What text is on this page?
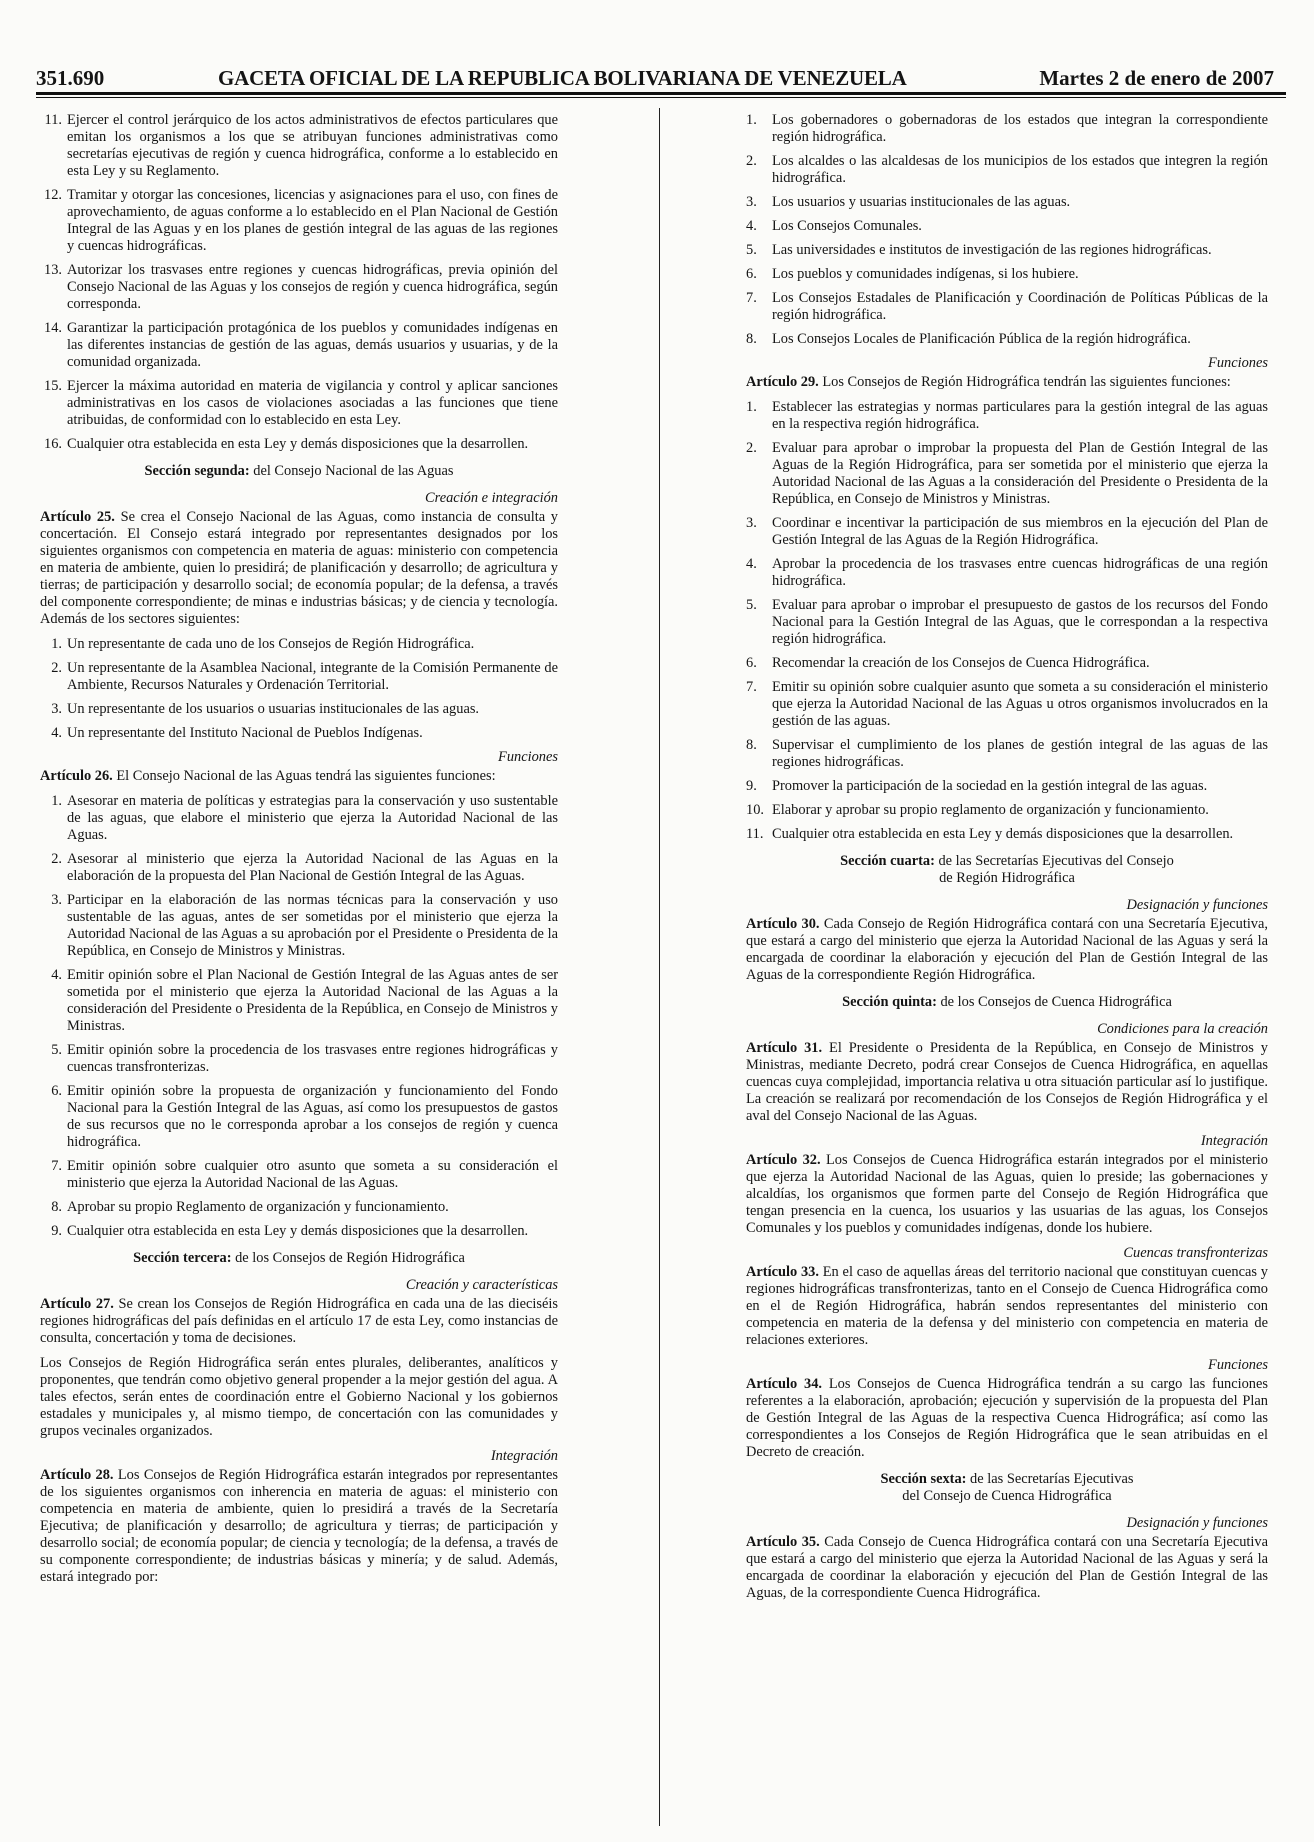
351.690	GACETA OFICIAL DE LA REPUBLICA BOLIVARIANA DE VENEZUELA	Martes 2 de enero de 2007
11. Ejercer el control jerárquico de los actos administrativos de efectos particulares que emitan los organismos a los que se atribuyan funciones administrativas como secretarías ejecutivas de región y cuenca hidrográfica, conforme a lo establecido en esta Ley y su Reglamento.
12. Tramitar y otorgar las concesiones, licencias y asignaciones para el uso, con fines de aprovechamiento, de aguas conforme a lo establecido en el Plan Nacional de Gestión Integral de las Aguas y en los planes de gestión integral de las aguas de las regiones y cuencas hidrográficas.
13. Autorizar los trasvases entre regiones y cuencas hidrográficas, previa opinión del Consejo Nacional de las Aguas y los consejos de región y cuenca hidrográfica, según corresponda.
14. Garantizar la participación protagónica de los pueblos y comunidades indígenas en las diferentes instancias de gestión de las aguas, demás usuarios y usuarias, y de la comunidad organizada.
15. Ejercer la máxima autoridad en materia de vigilancia y control y aplicar sanciones administrativas en los casos de violaciones asociadas a las funciones que tiene atribuidas, de conformidad con lo establecido en esta Ley.
16. Cualquier otra establecida en esta Ley y demás disposiciones que la desarrollen.
Sección segunda: del Consejo Nacional de las Aguas
Creación e integración
Artículo 25. Se crea el Consejo Nacional de las Aguas, como instancia de consulta y concertación. El Consejo estará integrado por representantes designados por los siguientes organismos con competencia en materia de aguas: ministerio con competencia en materia de ambiente, quien lo presidirá; de planificación y desarrollo; de agricultura y tierras; de participación y desarrollo social; de economía popular; de la defensa, a través del componente correspondiente; de minas e industrias básicas; y de ciencia y tecnología. Además de los sectores siguientes:
1. Un representante de cada uno de los Consejos de Región Hidrográfica.
2. Un representante de la Asamblea Nacional, integrante de la Comisión Permanente de Ambiente, Recursos Naturales y Ordenación Territorial.
3. Un representante de los usuarios o usuarias institucionales de las aguas.
4. Un representante del Instituto Nacional de Pueblos Indígenas.
Funciones
Artículo 26. El Consejo Nacional de las Aguas tendrá las siguientes funciones:
1. Asesorar en materia de políticas y estrategias para la conservación y uso sustentable de las aguas, que elabore el ministerio que ejerza la Autoridad Nacional de las Aguas.
2. Asesorar al ministerio que ejerza la Autoridad Nacional de las Aguas en la elaboración de la propuesta del Plan Nacional de Gestión Integral de las Aguas.
3. Participar en la elaboración de las normas técnicas para la conservación y uso sustentable de las aguas, antes de ser sometidas por el ministerio que ejerza la Autoridad Nacional de las Aguas a su aprobación por el Presidente o Presidenta de la República, en Consejo de Ministros y Ministras.
4. Emitir opinión sobre el Plan Nacional de Gestión Integral de las Aguas antes de ser sometida por el ministerio que ejerza la Autoridad Nacional de las Aguas a la consideración del Presidente o Presidenta de la República, en Consejo de Ministros y Ministras.
5. Emitir opinión sobre la procedencia de los trasvases entre regiones hidrográficas y cuencas transfronterizas.
6. Emitir opinión sobre la propuesta de organización y funcionamiento del Fondo Nacional para la Gestión Integral de las Aguas, así como los presupuestos de gastos de sus recursos que no le corresponda aprobar a los consejos de región y cuenca hidrográfica.
7. Emitir opinión sobre cualquier otro asunto que someta a su consideración el ministerio que ejerza la Autoridad Nacional de las Aguas.
8. Aprobar su propio Reglamento de organización y funcionamiento.
9. Cualquier otra establecida en esta Ley y demás disposiciones que la desarrollen.
Sección tercera: de los Consejos de Región Hidrográfica
Creación y características
Artículo 27. Se crean los Consejos de Región Hidrográfica en cada una de las dieciséis regiones hidrográficas del país definidas en el artículo 17 de esta Ley, como instancias de consulta, concertación y toma de decisiones.
Los Consejos de Región Hidrográfica serán entes plurales, deliberantes, analíticos y proponentes, que tendrán como objetivo general propender a la mejor gestión del agua. A tales efectos, serán entes de coordinación entre el Gobierno Nacional y los gobiernos estadales y municipales y, al mismo tiempo, de concertación con las comunidades y grupos vecinales organizados.
Integración
Artículo 28. Los Consejos de Región Hidrográfica estarán integrados por representantes de los siguientes organismos con inherencia en materia de aguas: el ministerio con competencia en materia de ambiente, quien lo presidirá a través de la Secretaría Ejecutiva; de planificación y desarrollo; de agricultura y tierras; de participación y desarrollo social; de economía popular; de ciencia y tecnología; de la defensa, a través de su componente correspondiente; de industrias básicas y minería; y de salud. Además, estará integrado por:
1.	Los gobernadores o gobernadoras de los estados que integran la correspondiente región hidrográfica.
2.	Los alcaldes o las alcaldesas de los municipios de los estados que integren la región hidrográfica.
3.	Los usuarios y usuarias institucionales de las aguas.
4.	Los Consejos Comunales.
5.	Las universidades e institutos de investigación de las regiones hidrográficas.
6.	Los pueblos y comunidades indígenas, si los hubiere.
7.	Los Consejos Estadales de Planificación y Coordinación de Políticas Públicas de la región hidrográfica.
8.	Los Consejos Locales de Planificación Pública de la región hidrográfica.
Funciones
Artículo 29. Los Consejos de Región Hidrográfica tendrán las siguientes funciones:
1.	Establecer las estrategias y normas particulares para la gestión integral de las aguas en la respectiva región hidrográfica.
2.	Evaluar para aprobar o improbar la propuesta del Plan de Gestión Integral de las Aguas de la Región Hidrográfica, para ser sometida por el ministerio que ejerza la Autoridad Nacional de las Aguas a la consideración del Presidente o Presidenta de la República, en Consejo de Ministros y Ministras.
3.	Coordinar e incentivar la participación de sus miembros en la ejecución del Plan de Gestión Integral de las Aguas de la Región Hidrográfica.
4.	Aprobar la procedencia de los trasvases entre cuencas hidrográficas de una región hidrográfica.
5.	Evaluar para aprobar o improbar el presupuesto de gastos de los recursos del Fondo Nacional para la Gestión Integral de las Aguas, que le correspondan a la respectiva región hidrográfica.
6.	Recomendar la creación de los Consejos de Cuenca Hidrográfica.
7.	Emitir su opinión sobre cualquier asunto que someta a su consideración el ministerio que ejerza la Autoridad Nacional de las Aguas u otros organismos involucrados en la gestión de las aguas.
8.	Supervisar el cumplimiento de los planes de gestión integral de las aguas de las regiones hidrográficas.
9.	Promover la participación de la sociedad en la gestión integral de las aguas.
10. Elaborar y aprobar su propio reglamento de organización y funcionamiento.
11. Cualquier otra establecida en esta Ley y demás disposiciones que la desarrollen.
Sección cuarta: de las Secretarías Ejecutivas del Consejo
de Región Hidrográfica
Designación y funciones
Artículo 30. Cada Consejo de Región Hidrográfica contará con una Secretaría Ejecutiva, que estará a cargo del ministerio que ejerza la Autoridad Nacional de las Aguas y será la encargada de coordinar la elaboración y ejecución del Plan de Gestión Integral de las Aguas de la correspondiente Región Hidrográfica.
Sección quinta: de los Consejos de Cuenca Hidrográfica
Condiciones para la creación
Artículo 31. El Presidente o Presidenta de la República, en Consejo de Ministros y Ministras, mediante Decreto, podrá crear Consejos de Cuenca Hidrográfica, en aquellas cuencas cuya complejidad, importancia relativa u otra situación particular así lo justifique. La creación se realizará por recomendación de los Consejos de Región Hidrográfica y el aval del Consejo Nacional de las Aguas.
Integración
Artículo 32. Los Consejos de Cuenca Hidrográfica estarán integrados por el ministerio que ejerza la Autoridad Nacional de las Aguas, quien lo preside; las gobernaciones y alcaldías, los organismos que formen parte del Consejo de Región Hidrográfica que tengan presencia en la cuenca, los usuarios y las usuarias de las aguas, los Consejos Comunales y los pueblos y comunidades indígenas, donde los hubiere.
Cuencas transfronterizas
Artículo 33. En el caso de aquellas áreas del territorio nacional que constituyan cuencas y regiones hidrográficas transfronterizas, tanto en el Consejo de Cuenca Hidrográfica como en el de Región Hidrográfica, habrán sendos representantes del ministerio con competencia en materia de la defensa y del ministerio con competencia en materia de relaciones exteriores.
Funciones
Artículo 34. Los Consejos de Cuenca Hidrográfica tendrán a su cargo las funciones referentes a la elaboración, aprobación; ejecución y supervisión de la propuesta del Plan de Gestión Integral de las Aguas de la respectiva Cuenca Hidrográfica; así como las correspondientes a los Consejos de Región Hidrográfica que le sean atribuidas en el Decreto de creación.
Sección sexta: de las Secretarías Ejecutivas
del Consejo de Cuenca Hidrográfica
Designación y funciones
Artículo 35. Cada Consejo de Cuenca Hidrográfica contará con una Secretaría Ejecutiva que estará a cargo del ministerio que ejerza la Autoridad Nacional de las Aguas y será la encargada de coordinar la elaboración y ejecución del Plan de Gestión Integral de las Aguas, de la correspondiente Cuenca Hidrográfica.
